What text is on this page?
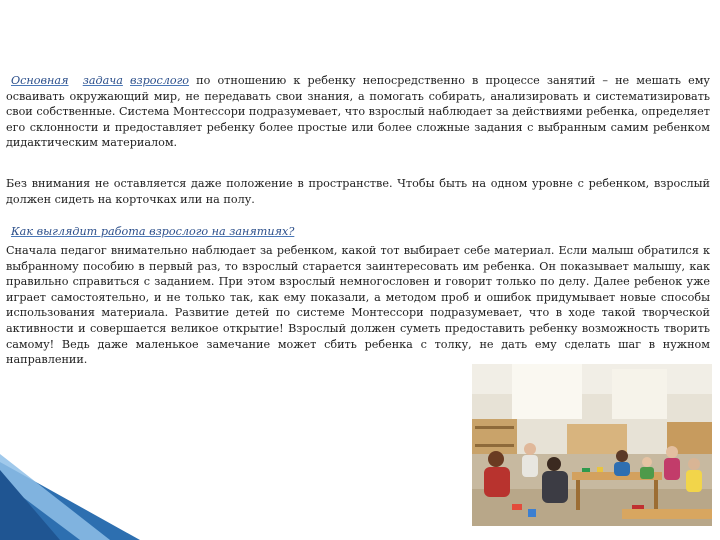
Основная задача взрослого по отношению к ребенку непосредственно в процессе занятий – не мешать ему осваивать окружающий мир, не передавать свои знания, а помогать собирать, анализировать и систематизировать свои собственные. Система Монтессори подразумевает, что взрослый наблюдает за действиями ребенка, определяет его склонности и предоставляет ребенку более простые или более сложные задания с выбранным самим ребенком дидактическим материалом.

Без внимания не оставляется даже положение в пространстве. Чтобы быть на одном уровне с ребенком, взрослый должен сидеть на корточках или на полу.

Как выглядит работа взрослого на занятиях?

Сначала педагог внимательно наблюдает за ребенком, какой тот выбирает себе материал. Если малыш обратился к выбранному пособию в первый раз, то взрослый старается заинтересовать им ребенка. Он показывает малышу, как правильно справиться с заданием. При этом взрослый немногословен и говорит только по делу. Далее ребенок уже играет самостоятельно, и не только так, как ему показали, а методом проб и ошибок придумывает новые способы использования материала. Развитие детей по системе Монтессори подразумевает, что в ходе такой творческой активности и совершается великое открытие! Взрослый должен суметь предоставить ребенку возможность творить самому! Ведь даже маленькое замечание может сбить ребенка с толку, не дать ему сделать шаг в нужном направлении.
